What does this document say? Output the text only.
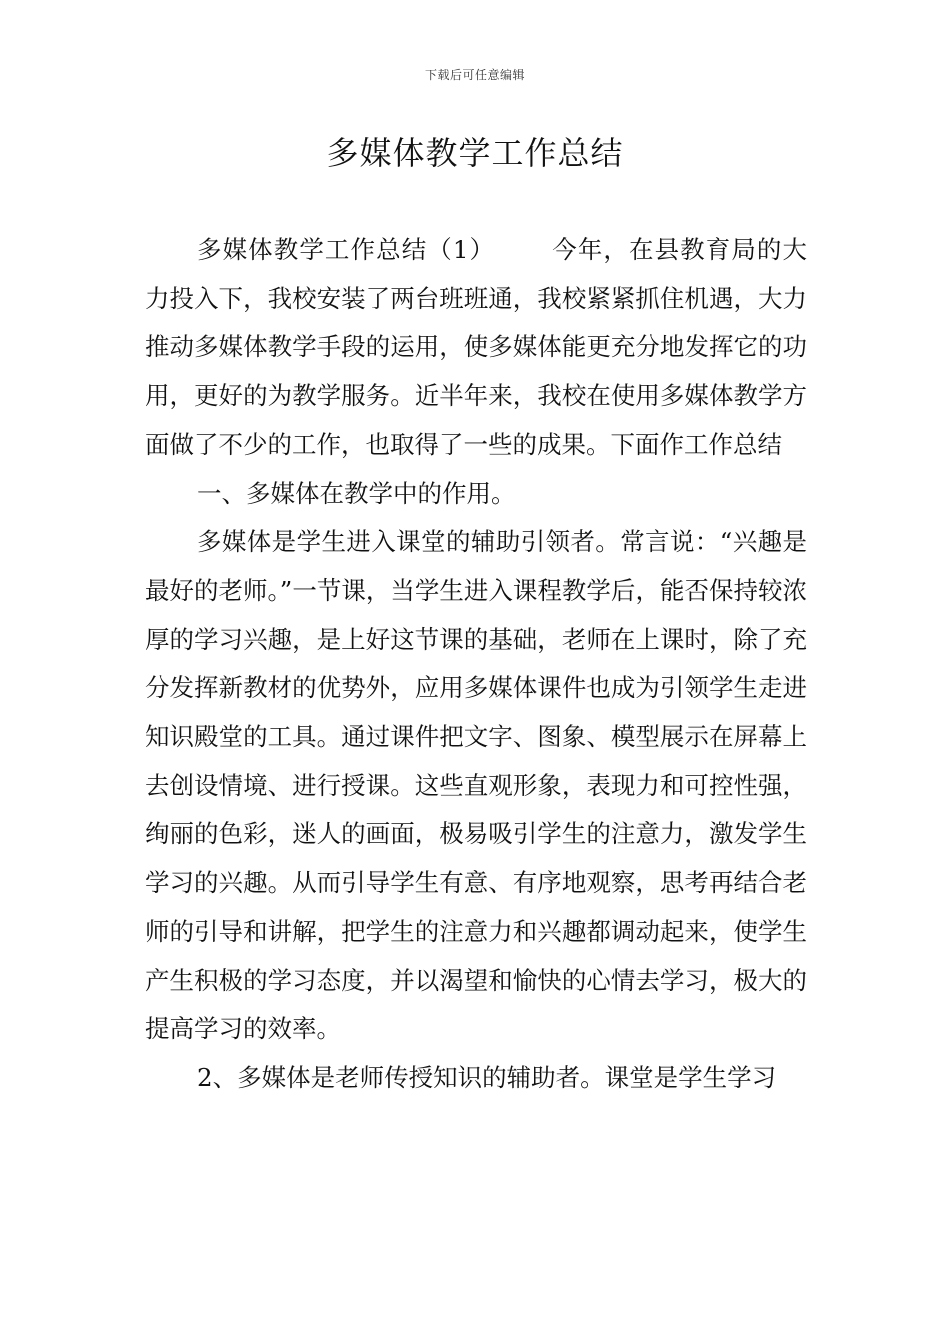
下载后可任意编辑
多媒体教学工作总结

多媒体教学工作总结（1） 今年，在县教育局的大力投入下，我校安装了两台班班通，我校紧紧抓住机遇，大力推动多媒体教学手段的运用，使多媒体能更充分地发挥它的功用，更好的为教学服务。近半年来，我校在使用多媒体教学方面做了不少的工作，也取得了一些的成果。下面作工作总结

一、多媒体在教学中的作用。

多媒体是学生进入课堂的辅助引领者。常言说：“兴趣是最好的老师。”一节课，当学生进入课程教学后，能否保持较浓厚的学习兴趣，是上好这节课的基础，老师在上课时，除了充分发挥新教材的优势外，应用多媒体课件也成为引领学生走进知识殿堂的工具。通过课件把文字、图象、模型展示在屏幕上去创设情境、进行授课。这些直观形象，表现力和可控性强，绚丽的色彩，迷人的画面，极易吸引学生的注意力，激发学生学习的兴趣。从而引导学生有意、有序地观察，思考再结合老师的引导和讲解，把学生的注意力和兴趣都调动起来，使学生产生积极的学习态度，并以渴望和愉快的心情去学习，极大的提高学习的效率。

2、多媒体是老师传授知识的辅助者。课堂是学生学习
